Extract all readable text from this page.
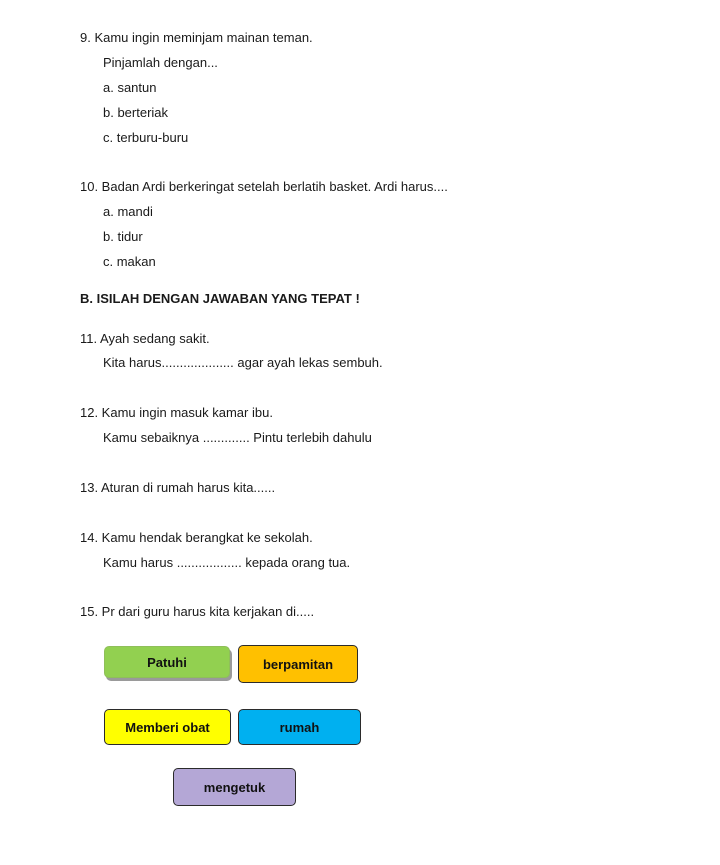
9. Kamu ingin meminjam mainan teman.
Pinjamlah dengan...
a. santun
b. berteriak
c. terburu-buru
10. Badan Ardi berkeringat setelah berlatih basket. Ardi harus....
a. mandi
b. tidur
c. makan
B. ISILAH DENGAN JAWABAN YANG TEPAT !
11. Ayah sedang sakit.
Kita harus.................... agar ayah lekas sembuh.
12. Kamu ingin masuk kamar ibu.
Kamu sebaiknya ............. Pintu terlebih dahulu
13. Aturan di rumah harus kita......
14. Kamu hendak berangkat ke sekolah.
Kamu harus .................. kepada orang tua.
15. Pr dari guru harus kita kerjakan di.....
Patuhi	berpamitan
Memberi obat	rumah
mengetuk
